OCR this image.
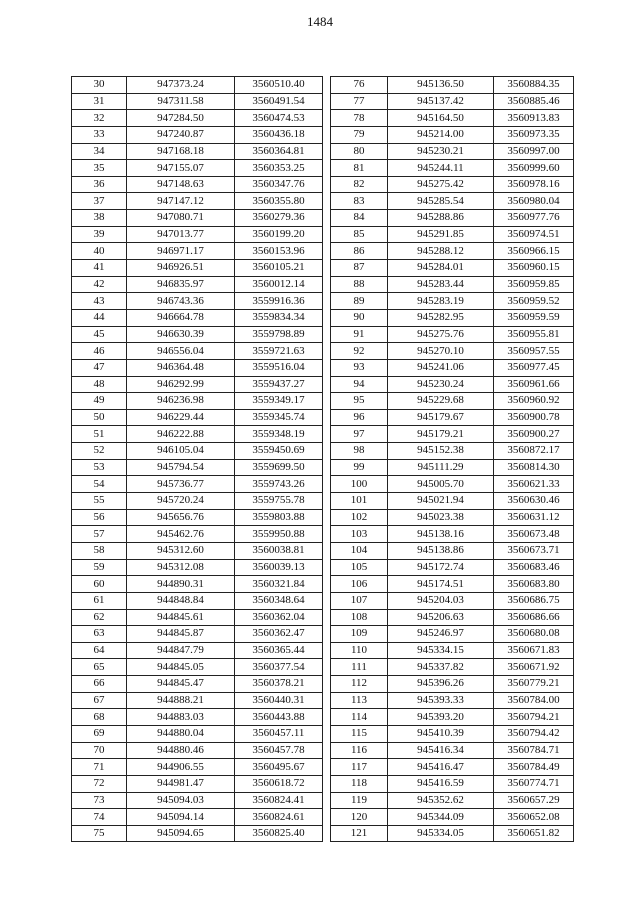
1484
30	947373.24	3560510.40
31	947311.58	3560491.54
32	947284.50	3560474.53
33	947240.87	3560436.18
34	947168.18	3560364.81
35	947155.07	3560353.25
36	947148.63	3560347.76
37	947147.12	3560355.80
38	947080.71	3560279.36
39	947013.77	3560199.20
40	946971.17	3560153.96
41	946926.51	3560105.21
42	946835.97	3560012.14
43	946743.36	3559916.36
44	946664.78	3559834.34
45	946630.39	3559798.89
46	946556.04	3559721.63
47	946364.48	3559516.04
48	946292.99	3559437.27
49	946236.98	3559349.17
50	946229.44	3559345.74
51	946222.88	3559348.19
52	946105.04	3559450.69
53	945794.54	3559699.50
54	945736.77	3559743.26
55	945720.24	3559755.78
56	945656.76	3559803.88
57	945462.76	3559950.88
58	945312.60	3560038.81
59	945312.08	3560039.13
60	944890.31	3560321.84
61	944848.84	3560348.64
62	944845.61	3560362.04
63	944845.87	3560362.47
64	944847.79	3560365.44
65	944845.05	3560377.54
66	944845.47	3560378.21
67	944888.21	3560440.31
68	944883.03	3560443.88
69	944880.04	3560457.11
70	944880.46	3560457.78
71	944906.55	3560495.67
72	944981.47	3560618.72
73	945094.03	3560824.41
74	945094.14	3560824.61
75	945094.65	3560825.40
76	945136.50	3560884.35
77	945137.42	3560885.46
78	945164.50	3560913.83
79	945214.00	3560973.35
80	945230.21	3560997.00
81	945244.11	3560999.60
82	945275.42	3560978.16
83	945285.54	3560980.04
84	945288.86	3560977.76
85	945291.85	3560974.51
86	945288.12	3560966.15
87	945284.01	3560960.15
88	945283.44	3560959.85
89	945283.19	3560959.52
90	945282.95	3560959.59
91	945275.76	3560955.81
92	945270.10	3560957.55
93	945241.06	3560977.45
94	945230.24	3560961.66
95	945229.68	3560960.92
96	945179.67	3560900.78
97	945179.21	3560900.27
98	945152.38	3560872.17
99	945111.29	3560814.30
100	945005.70	3560621.33
101	945021.94	3560630.46
102	945023.38	3560631.12
103	945138.16	3560673.48
104	945138.86	3560673.71
105	945172.74	3560683.46
106	945174.51	3560683.80
107	945204.03	3560686.75
108	945206.63	3560686.66
109	945246.97	3560680.08
110	945334.15	3560671.83
111	945337.82	3560671.92
112	945396.26	3560779.21
113	945393.33	3560784.00
114	945393.20	3560794.21
115	945410.39	3560794.42
116	945416.34	3560784.71
117	945416.47	3560784.49
118	945416.59	3560774.71
119	945352.62	3560657.29
120	945344.09	3560652.08
121	945334.05	3560651.82
